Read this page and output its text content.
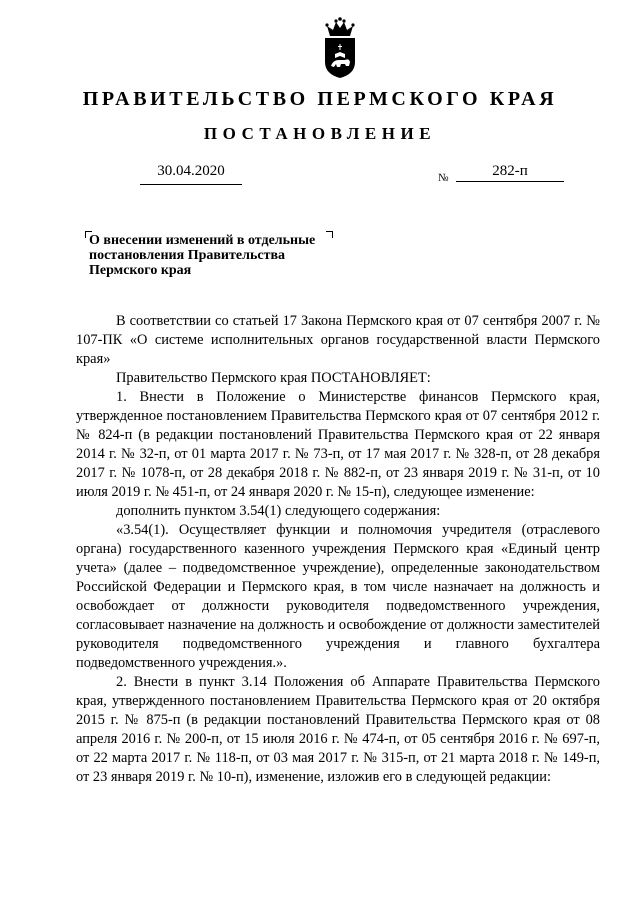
ПРАВИТЕЛЬСТВО ПЕРМСКОГО КРАЯ
ПОСТАНОВЛЕНИЕ
30.04.2020	№	282-п

О внесении изменений в отдельные постановления Правительства Пермского края

В соответствии со статьей 17 Закона Пермского края от 07 сентября 2007 г. № 107-ПК «О системе исполнительных органов государственной власти Пермского края»

Правительство Пермского края ПОСТАНОВЛЯЕТ:

1. Внести в Положение о Министерстве финансов Пермского края, утвержденное постановлением Правительства Пермского края от 07 сентября 2012 г. № 824-п (в редакции постановлений Правительства Пермского края от 22 января 2014 г. № 32-п, от 01 марта 2017 г. № 73-п, от 17 мая 2017 г. № 328-п, от 28 декабря 2017 г. № 1078-п, от 28 декабря 2018 г. № 882-п, от 23 января 2019 г. № 31-п, от 10 июля 2019 г. № 451-п, от 24 января 2020 г. № 15-п), следующее изменение:

дополнить пунктом 3.54(1) следующего содержания:

«3.54(1). Осуществляет функции и полномочия учредителя (отраслевого органа) государственного казенного учреждения Пермского края «Единый центр учета» (далее – подведомственное учреждение), определенные законодательством Российской Федерации и Пермского края, в том числе назначает на должность и освобождает от должности руководителя подведомственного учреждения, согласовывает назначение на должность и освобождение от должности заместителей руководителя подведомственного учреждения и главного бухгалтера подведомственного учреждения.».

2. Внести в пункт 3.14 Положения об Аппарате Правительства Пермского края, утвержденного постановлением Правительства Пермского края от 20 октября 2015 г. № 875-п (в редакции постановлений Правительства Пермского края от 08 апреля 2016 г. № 200-п, от 15 июля 2016 г. № 474-п, от 05 сентября 2016 г. № 697-п, от 22 марта 2017 г. № 118-п, от 03 мая 2017 г. № 315-п, от 21 марта 2018 г. № 149-п, от 23 января 2019 г. № 10-п), изменение, изложив его в следующей редакции:
